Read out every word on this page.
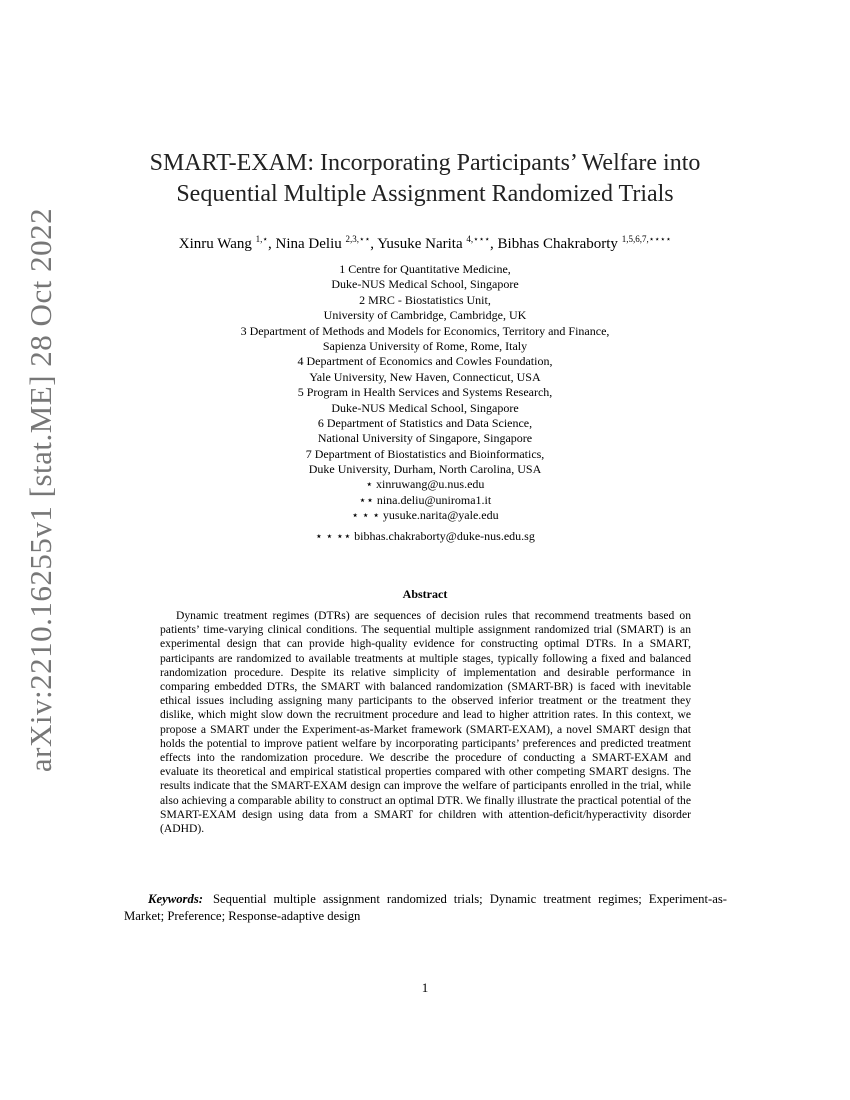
arXiv:2210.16255v1 [stat.ME] 28 Oct 2022
SMART-EXAM: Incorporating Participants’ Welfare into
Sequential Multiple Assignment Randomized Trials
Xinru Wang $^{1,⋆}$, Nina Deliu $^{2,3,⋆⋆}$, Yusuke Narita $^{4,⋆⋆⋆}$, Bibhas Chakraborty $^{1,5,6,7,⋆⋆⋆⋆}$
1 Centre for Quantitative Medicine,
Duke-NUS Medical School, Singapore
2 MRC - Biostatistics Unit,
University of Cambridge, Cambridge, UK
3 Department of Methods and Models for Economics, Territory and Finance,
Sapienza University of Rome, Rome, Italy
4 Department of Economics and Cowles Foundation,
Yale University, New Haven, Connecticut, USA
5 Program in Health Services and Systems Research,
Duke-NUS Medical School, Singapore
6 Department of Statistics and Data Science,
National University of Singapore, Singapore
7 Department of Biostatistics and Bioinformatics,
Duke University, Durham, North Carolina, USA
⋆ xinruwang@u.nus.edu
⋆⋆ nina.deliu@uniroma1.it
⋆ ⋆ ⋆ yusuke.narita@yale.edu
⋆ ⋆ ⋆⋆ bibhas.chakraborty@duke-nus.edu.sg
Abstract

Dynamic treatment regimes (DTRs) are sequences of decision rules that recommend treatments based on patients’ time-varying clinical conditions. The sequential multiple assignment randomized trial (SMART) is an experimental design that can provide high-quality evidence for constructing optimal DTRs. In a SMART, participants are randomized to available treatments at multiple stages, typically following a fixed and balanced randomization procedure. Despite its relative simplicity of implementation and desirable performance in comparing embedded DTRs, the SMART with balanced randomization (SMART-BR) is faced with inevitable ethical issues including assigning many participants to the observed inferior treatment or the treatment they dislike, which might slow down the recruitment procedure and lead to higher attrition rates. In this context, we propose a SMART under the Experiment-as-Market framework (SMART-EXAM), a novel SMART design that holds the potential to improve patient welfare by incorporating participants’ preferences and predicted treatment effects into the randomization procedure. We describe the procedure of conducting a SMART-EXAM and evaluate its theoretical and empirical statistical properties compared with other competing SMART designs. The results indicate that the SMART-EXAM design can improve the welfare of participants enrolled in the trial, while also achieving a comparable ability to construct an optimal DTR. We finally illustrate the practical potential of the SMART-EXAM design using data from a SMART for children with attention-deficit/hyperactivity disorder (ADHD).

Keywords: Sequential multiple assignment randomized trials; Dynamic treatment regimes; Experiment-as-Market; Preference; Response-adaptive design

1
